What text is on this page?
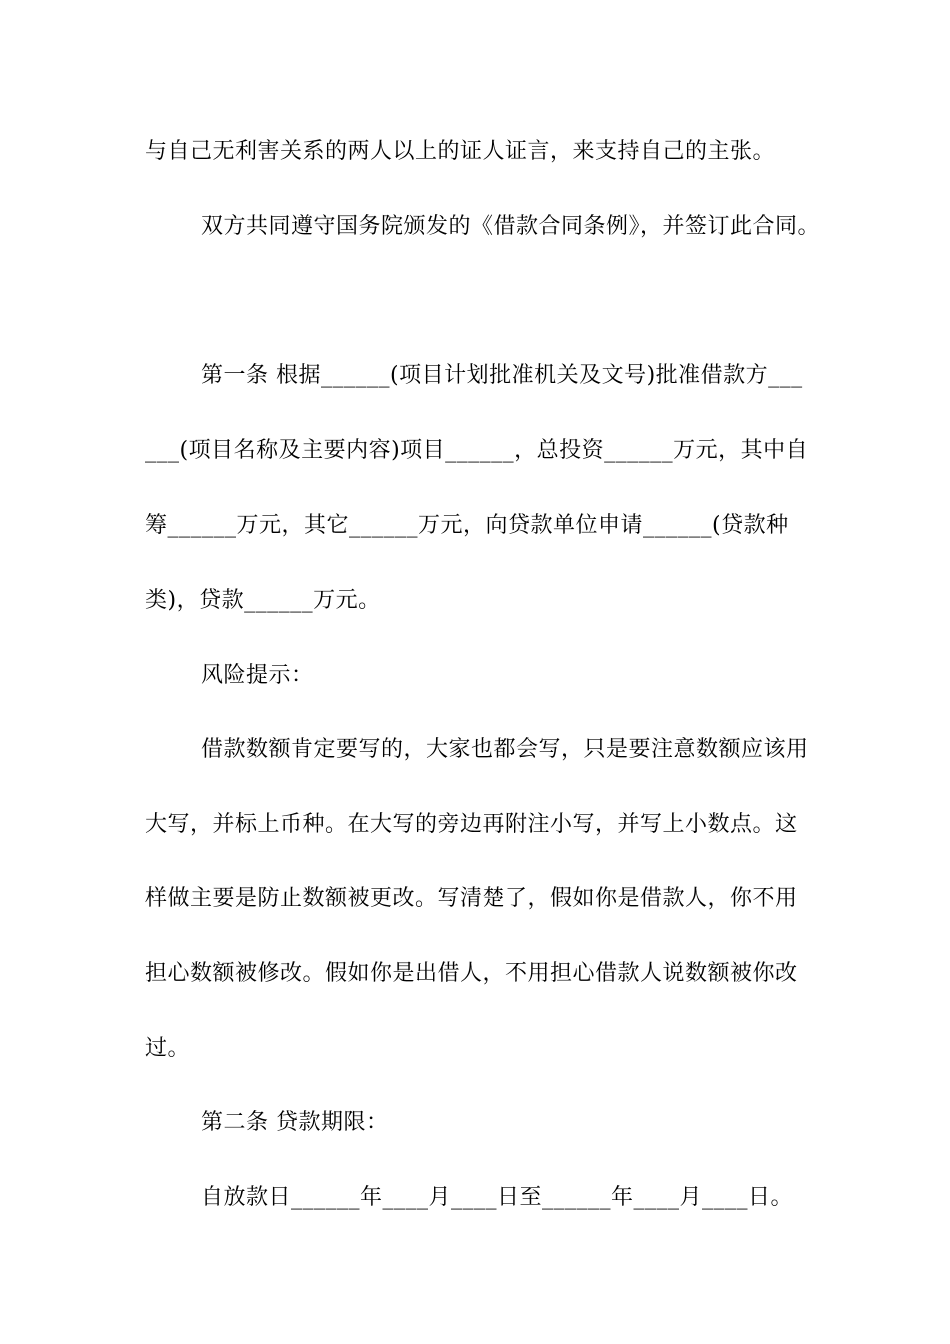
与自己无利害关系的两人以上的证人证言，来支持自己的主张。
双方共同遵守国务院颁发的《借款合同条例》，并签订此合同。
第一条 根据______(项目计划批准机关及文号)批准借款方___
___(项目名称及主要内容)项目______，总投资______万元，其中自
筹______万元，其它______万元，向贷款单位申请______(贷款种
类)，贷款______万元。
风险提示：
借款数额肯定要写的，大家也都会写，只是要注意数额应该用
大写，并标上币种。在大写的旁边再附注小写，并写上小数点。这
样做主要是防止数额被更改。写清楚了，假如你是借款人，你不用
担心数额被修改。假如你是出借人，不用担心借款人说数额被你改
过。
第二条 贷款期限：
自放款日______年____月____日至______年____月____日。
